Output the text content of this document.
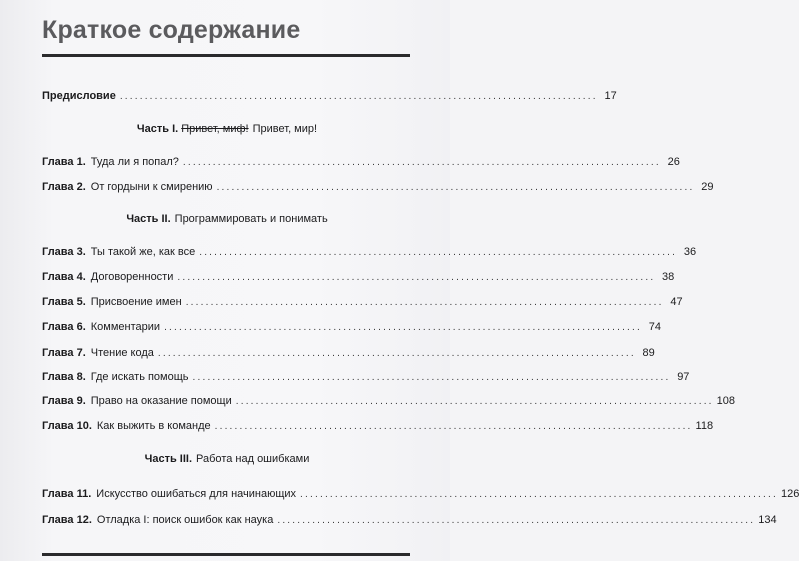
Краткое содержание
Предисловие ................................................................................................ 17
Часть I. Привет, миф! Привет, мир!
Глава 1. Туда ли я попал? ................................................................................................ 26
Глава 2. От гордыни к смирению ................................................................................................ 29
Часть II. Программировать и понимать
Глава 3. Ты такой же, как все ................................................................................................ 36
Глава 4. Договоренности ................................................................................................ 38
Глава 5. Присвоение имен ................................................................................................ 47
Глава 6. Комментарии ................................................................................................ 74
Глава 7. Чтение кода ................................................................................................ 89
Глава 8. Где искать помощь ................................................................................................ 97
Глава 9. Право на оказание помощи ................................................................................................ 108
Глава 10. Как выжить в команде ................................................................................................ 118
Часть III. Работа над ошибками
Глава 11. Искусство ошибаться для начинающих ................................................................................................ 126
Глава 12. Отладка I: поиск ошибок как наука ................................................................................................ 134
